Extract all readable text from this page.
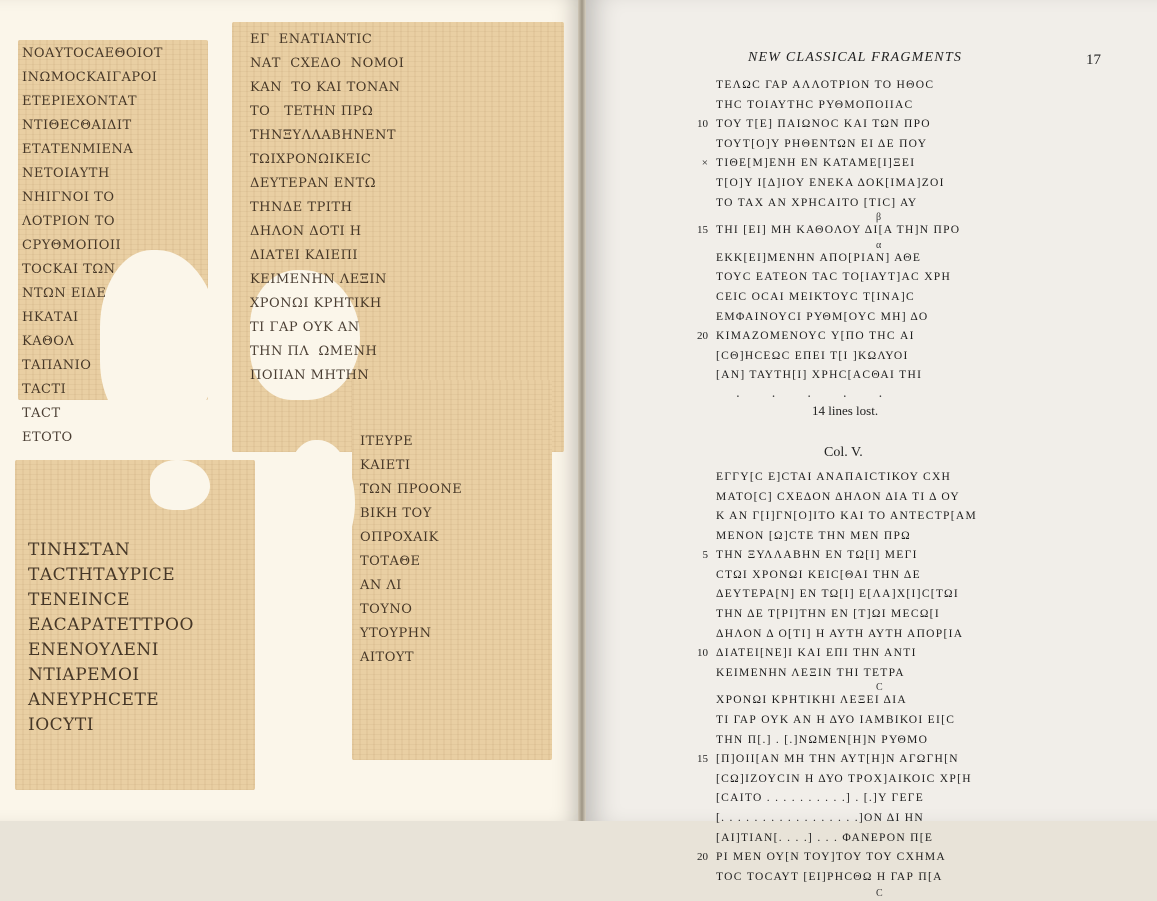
ΝΟΑΥΤΟCΑΕΘΟΙΟΤ
ΙΝΩΜΟCΚΑΙΓΑΡΟΙ
ΕΤΕΡΙΕΧΟΝΤΑΤ
ΝΤΙΘΕCΘΑΙΔΙΤ
ΕΤΑΤΕΝΜΙΕΝΑ
ΝΕΤΟΙΑΥΤΗ
ΝΗΙΓΝΟΙ ΤΟ
ΛΟΤΡΙΟΝ ΤΟ
CΡΥΘΜΟΠΟΙΙ
ΤΟCΚΑΙ ΤΩΝ
ΝΤΩΝ ΕΙΔΕ
ΗΚΑΤΑΙ
ΚΑΘΟΛ
ΤΑΠΑΝΙΟ
ΤΑCΤΙ
ΤΑCΤ
ΕΤΟΤΟ
ΕΓ  ΕΝΑΤΙΑΝΤΙC
ΝΑΤ  CΧΕΔΟ  ΝΟΜΟΙ
ΚΑΝ  ΤΟ ΚΑΙ ΤΟΝΑΝ
ΤΟ   ΤΕΤΗΝ ΠΡΩ
ΤΗΝΞΥΛΛΑΒΗΝΕΝΤ
ΤΩΙΧΡΟΝΩΙΚΕΙC
ΔΕΥΤΕΡΑΝ ΕΝΤΩ
ΤΗΝΔΕ ΤΡΙΤΗ
ΔΗΛΟΝ ΔΟΤΙ Η
ΔΙΑΤΕΙ ΚΑΙΕΠΙ
ΚΕΙΜΕΝΗΝ ΛΕΞΙΝ
ΧΡΟΝΩΙ ΚΡΗΤΙΚΗ
ΤΙ ΓΑΡ ΟΥΚ ΑΝ
ΤΗΝ ΠΛ  ΩΜΕΝΗ
ΠΟΙΙΑΝ ΜΗΤΗΝ
ΤΙΝΗΣΤΑΝ
ΤΑCΤΗΤΑΥΡΙCΕ
ΤΕΝΕΙΝCΕ
ΕΑCΑΡΑΤΕΤΤΡΟΟ
ΕΝΕΝΟΥΛΕΝΙ
ΝΤΙΑΡΕΜΟΙ
ΑΝΕΥΡΗCΕΤΕ
ΙΟCΥΤΙ
ΙΤΕΥΡΕ
ΚΑΙΕΤΙ
ΤΩΝ ΠΡΟΟΝΕ
ΒΙΚΗ ΤΟΥ
ΟΠΡΟΧΑΙΚ
ΤΟΤΑΘΕ
ΑΝ ΛΙ
ΤΟΥΝΟ
ΥΤΟΥΡΗΝ
ΑΙΤΟΥΤ
NEW CLASSICAL FRAGMENTS	17
ΤΕΛΩC ΓΑΡ ΑΛΛΟΤΡΙΟΝ ΤΟ ΗΘΟC
ΤΗC ΤΟΙΑΥΤΗC ΡΥΘΜΟΠΟΙΙΑC
10 ΤΟΥ Τ[Ε] ΠΑΙΩΝΟC ΚΑΙ ΤΩΝ ΠΡΟ
ΤΟΥΤ[Ο]Υ ΡΗΘΕΝΤΩΝ ΕΙ ΔΕ ΠΟΥ
× ΤΙΘΕ[Μ]ΕΝΗ ΕΝ ΚΑΤΑΜΕ[Ι]ΞΕΙ
Τ[Ο]Υ Ι[Δ]ΙΟΥ ΕΝΕΚΑ ΔΟΚ[ΙΜΑ]ΖΟΙ
ΤΟ ΤΑΧ ΑΝ ΧΡΗCΑΙΤΟ [ΤΙC] ΑΥ
β
15 ΤΗΙ [ΕΙ] ΜΗ ΚΑΘΟΛΟΥ ΔΙ[Α ΤΗ]Ν ΠΡΟ
α
ΕΚΚ[ΕΙ]ΜΕΝΗΝ ΑΠΟ[ΡΙΑΝ] ΑΘΕ
ΤΟΥC ΕΑΤΕΟΝ ΤΑC ΤΟ[ΙΑΥΤ]ΑC ΧΡΗ
CΕΙC ΟCΑΙ ΜΕΙΚΤΟΥC Τ[ΙΝΑ]C
ΕΜΦΑΙΝΟΥCΙ ΡΥΘΜ[ΟΥC ΜΗ] ΔΟ
20 ΚΙΜΑΖΟΜΕΝΟΥC Υ[ΠΟ ΤΗC ΑΙ
[CΘ]ΗCΕΩC ΕΠΕΙ Τ[Ι ]ΚΩΛΥΟΙ
[ΑΝ] ΤΑΥΤΗ[Ι] ΧΡΗC[ΑCΘΑΙ ΤΗΙ
. . . . .
14 lines lost.
Col. V.
ΕΓΓΥ[C Ε]CΤΑΙ ΑΝΑΠΑΙCΤΙΚΟΥ CΧΗ
ΜΑΤΟ[C] CΧΕΔΟΝ ΔΗΛΟΝ ΔΙΑ ΤΙ Δ ΟΥ
Κ ΑΝ Γ[Ι]ΓΝ[Ο]ΙΤΟ ΚΑΙ ΤΟ ΑΝΤΕCΤΡ[ΑΜ
ΜΕΝΟΝ [Ω]CΤΕ ΤΗΝ ΜΕΝ ΠΡΩ
5 ΤΗΝ ΞΥΛΛΑΒΗΝ ΕΝ ΤΩ[Ι] ΜΕΓΙ
CΤΩΙ ΧΡΟΝΩΙ ΚΕΙC[ΘΑΙ ΤΗΝ ΔΕ
ΔΕΥΤΕΡΑ[Ν] ΕΝ ΤΩ[Ι] Ε[ΛΑ]Χ[Ι]C[ΤΩΙ
ΤΗΝ ΔΕ Τ[ΡΙ]ΤΗΝ ΕΝ [Τ]ΩΙ ΜΕCΩ[Ι
ΔΗΛΟΝ Δ Ο[ΤΙ] Η ΑΥΤΗ ΑΥΤΗ ΑΠΟΡ[ΙΑ
10 ΔΙΑΤΕΙ[ΝΕ]Ι ΚΑΙ ΕΠΙ ΤΗΝ ΑΝΤΙ
ΚΕΙΜΕΝΗΝ ΛΕΞΙΝ ΤΗΙ ΤΕΤΡΑ
C
ΧΡΟΝΩΙ ΚΡΗΤΙΚΗΙ ΛΕΞΕΙ ΔΙΑ
ΤΙ ΓΑΡ ΟΥΚ ΑΝ Η ΔΥΟ ΙΑΜΒΙΚΟΙ ΕΙ[C
ΤΗΝ Π[.] . [.]ΝΩΜΕΝ[Η]Ν ΡΥΘΜΟ
15 [Π]ΟΙΙ[ΑΝ ΜΗ ΤΗΝ ΑΥΤ[Η]Ν ΑΓΩΓΗ[Ν
[CΩ]ΙΖΟΥCΙΝ Η ΔΥΟ ΤΡΟΧ]ΑΙΚΟΙC ΧΡ[Η
[CΑΙΤΟ . . . . . . . . . .] . [.]Υ ΓΕΓΕ
[. . . . . . . . . . . . . . . . .]ΟΝ ΔΙ ΗΝ
[ΑΙ]ΤΙΑΝ[. . . .] . . . ΦΑΝΕΡΟΝ Π[Ε
20 ΡΙ ΜΕΝ ΟΥ[Ν ΤΟΥ]ΤΟΥ ΤΟΥ CΧΗΜΑ
ΤΟC ΤΟCΑΥΤ [ΕΙ]ΡΗCΘΩ Η ΓΑΡ Π[Α
C
